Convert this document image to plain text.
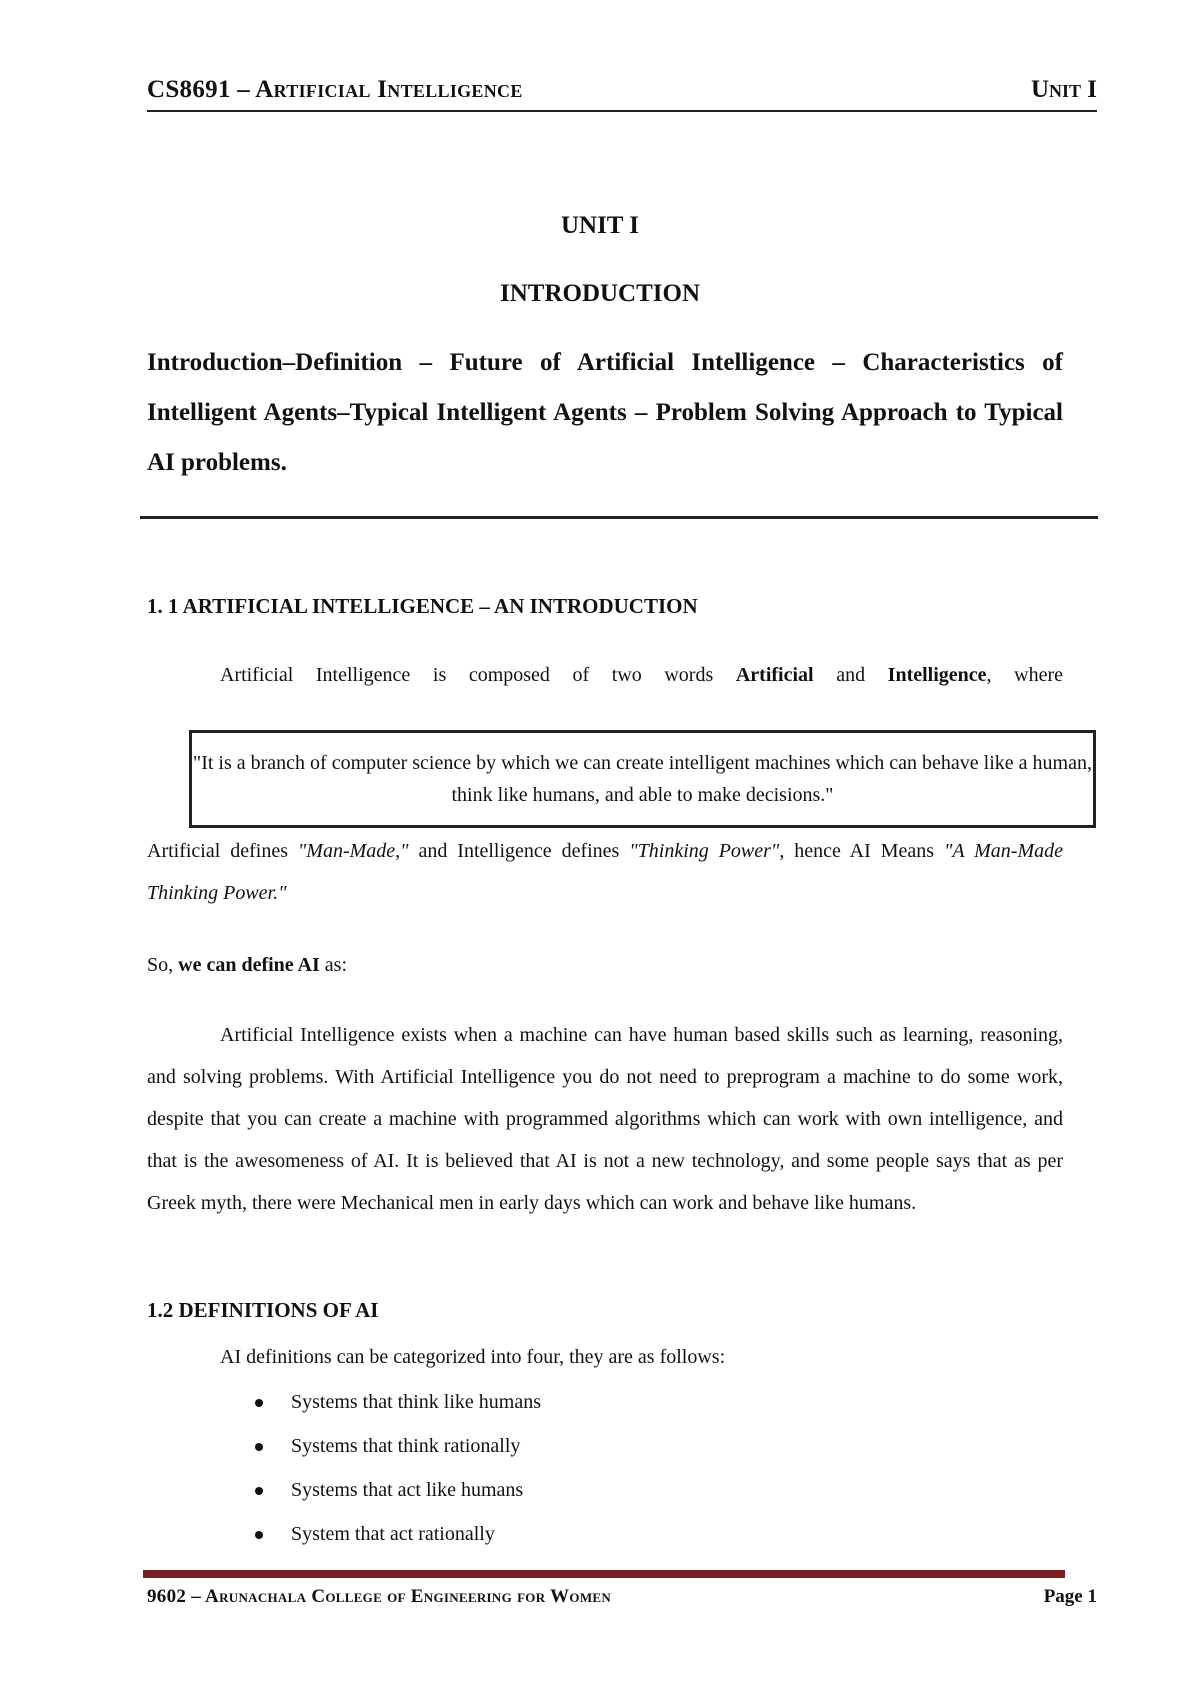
CS8691 – Artificial Intelligence	Unit I
UNIT I
INTRODUCTION
Introduction–Definition – Future of Artificial Intelligence – Characteristics of Intelligent Agents–Typical Intelligent Agents – Problem Solving Approach to Typical AI problems.
1. 1 ARTIFICIAL INTELLIGENCE – AN INTRODUCTION
Artificial Intelligence is composed of two words Artificial and Intelligence, where
"It is a branch of computer science by which we can create intelligent machines which can behave like a human, think like humans, and able to make decisions."
Artificial defines "Man-Made," and Intelligence defines "Thinking Power", hence AI Means "A Man-Made Thinking Power."
So, we can define AI as:
Artificial Intelligence exists when a machine can have human based skills such as learning, reasoning, and solving problems. With Artificial Intelligence you do not need to preprogram a machine to do some work, despite that you can create a machine with programmed algorithms which can work with own intelligence, and that is the awesomeness of AI. It is believed that AI is not a new technology, and some people says that as per Greek myth, there were Mechanical men in early days which can work and behave like humans.
1.2 DEFINITIONS OF AI
AI definitions can be categorized into four, they are as follows:
Systems that think like humans
Systems that think rationally
Systems that act like humans
System that act rationally
9602 – Arunachala College of Engineering for Women	Page 1
